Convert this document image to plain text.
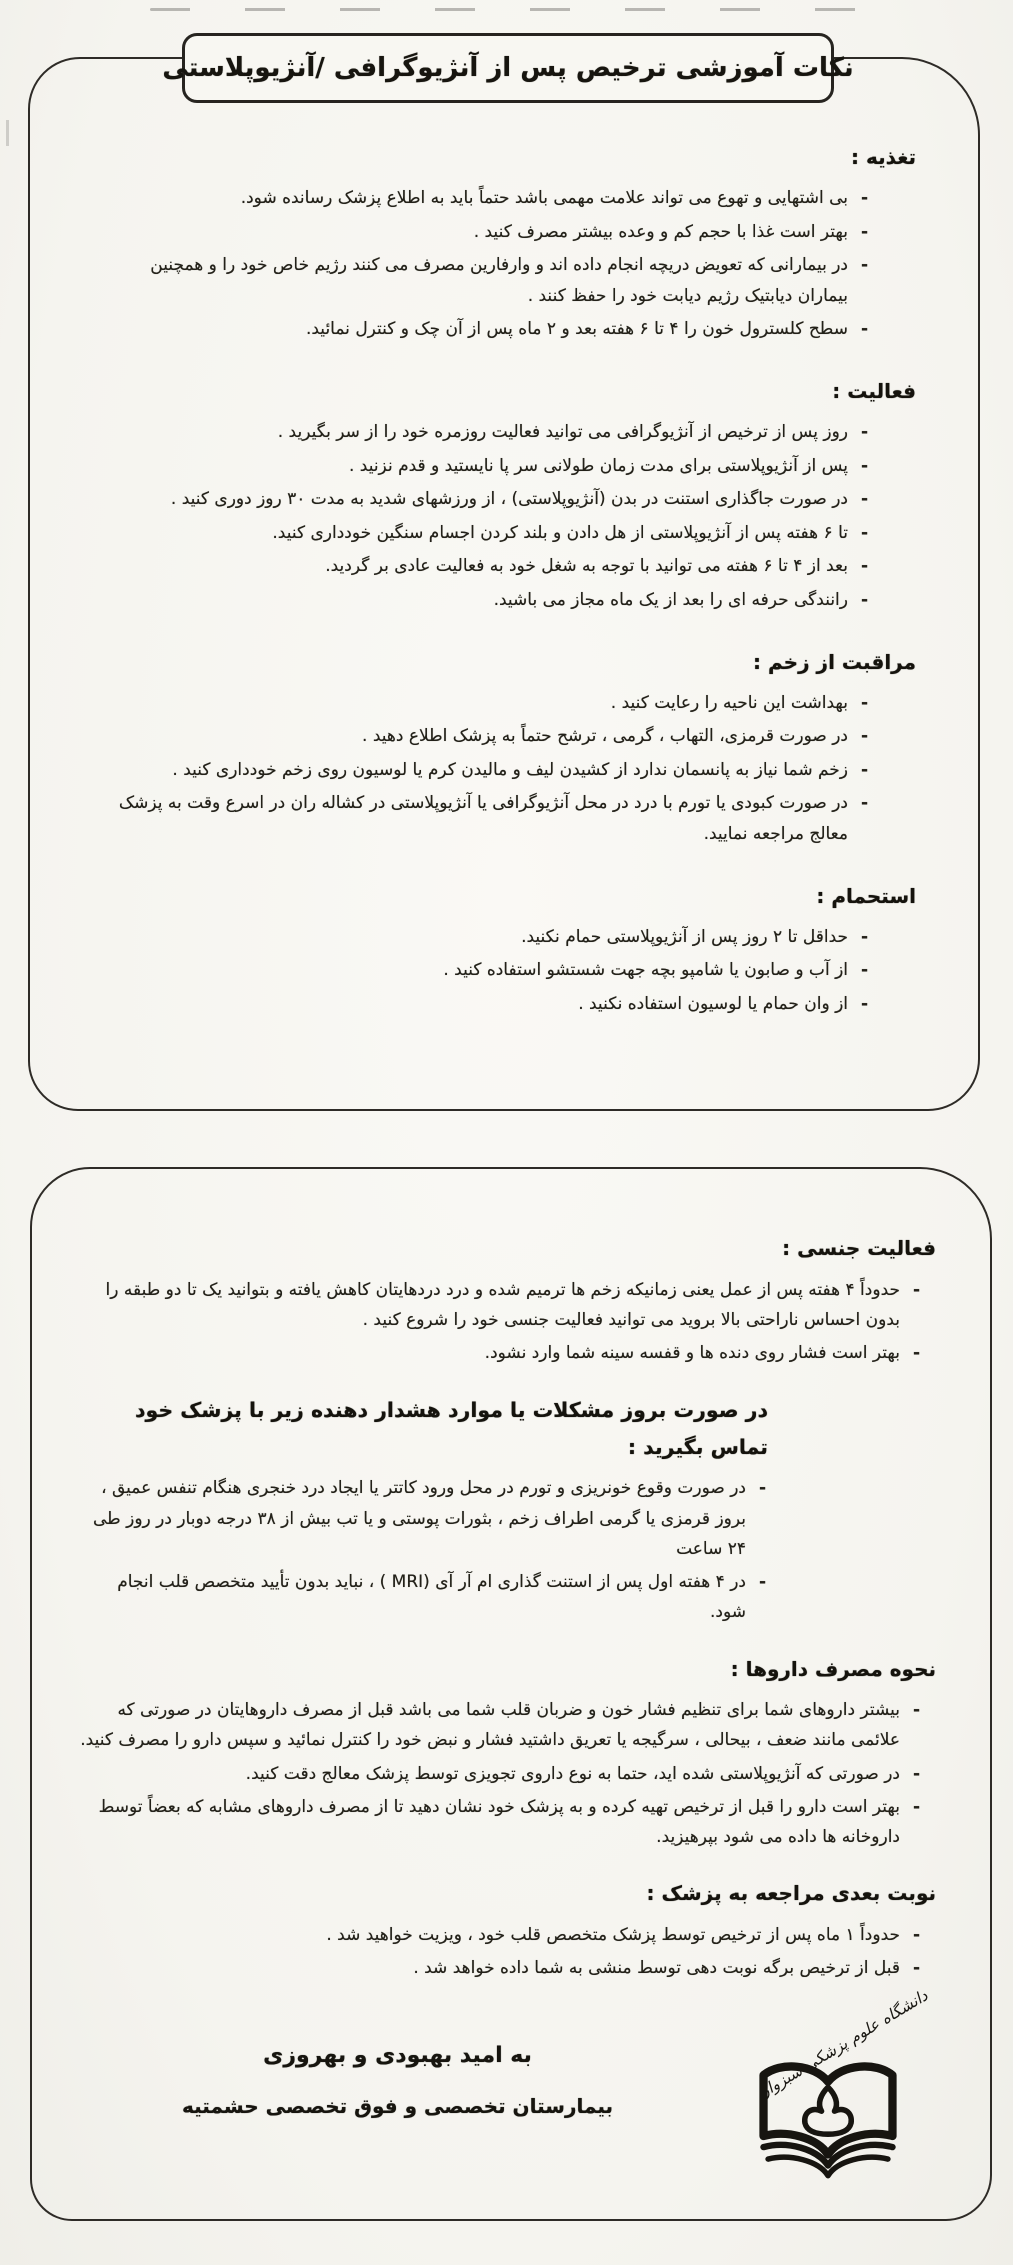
نکات آموزشی ترخیص پس از آنژیوگرافی /آنژیوپلاستی
تغذیه :
- بی اشتهایی و تهوع می تواند علامت مهمی باشد حتماً باید به اطلاع پزشک رسانده شود.
- بهتر است غذا با حجم کم و وعده بیشتر مصرف کنید .
- در بیمارانی که تعویض دریچه انجام داده اند و وارفارین مصرف می کنند رژیم خاص خود را و همچنین بیماران دیابتیک رژیم دیابت خود را حفظ کنند .
- سطح کلسترول خون را ۴ تا ۶ هفته بعد و ۲ ماه پس از آن چک و کنترل نمائید.
فعالیت :
- روز پس از ترخیص از آنژیوگرافی می توانید فعالیت روزمره خود را از سر بگیرید .
- پس از آنژیوپلاستی برای مدت زمان طولانی سر پا نایستید و قدم نزنید .
- در صورت جاگذاری استنت در بدن (آنژیوپلاستی) ، از ورزشهای شدید به مدت ۳۰ روز دوری کنید .
- تا ۶ هفته پس از آنژیوپلاستی از هل دادن و بلند کردن اجسام سنگین خودداری کنید.
- بعد از ۴ تا ۶ هفته می توانید با توجه به شغل خود به فعالیت عادی بر گردید.
- رانندگی حرفه ای را بعد از یک ماه مجاز می باشید.
مراقبت از زخم :
- بهداشت این ناحیه را رعایت کنید .
- در صورت قرمزی، التهاب ، گرمی ، ترشح حتماً به پزشک اطلاع دهید .
- زخم شما نیاز به پانسمان ندارد از کشیدن لیف و مالیدن کرم یا لوسیون روی زخم خودداری کنید .
- در صورت کبودی یا تورم با درد در محل آنژیوگرافی یا آنژیوپلاستی در کشاله ران در اسرع وقت به پزشک معالج مراجعه نمایید.
استحمام :
- حداقل تا ۲ روز پس از آنژیوپلاستی حمام نکنید.
- از آب و صابون یا شامپو بچه جهت شستشو استفاده کنید .
- از وان حمام یا لوسیون استفاده نکنید .
فعالیت جنسی :
- حدوداً ۴ هفته پس از عمل یعنی زمانیکه زخم ها ترمیم شده و درد دردهایتان کاهش یافته و بتوانید یک تا دو طبقه را بدون احساس ناراحتی بالا بروید می توانید فعالیت جنسی خود را شروع کنید .
- بهتر است فشار روی دنده ها و قفسه سینه شما وارد نشود.
در صورت بروز مشکلات یا موارد هشدار دهنده زیر با پزشک خود تماس بگیرید :
- در صورت وقوع خونریزی و تورم در محل ورود کاتتر یا ایجاد درد خنجری هنگام تنفس عمیق ، بروز قرمزی یا گرمی اطراف زخم ، بثورات پوستی و یا تب بیش از ۳۸ درجه دوبار در روز طی ۲۴ ساعت
- در ۴ هفته اول پس از استنت گذاری ام آر آی (MRI ) ، نباید بدون تأیید متخصص قلب انجام شود.
نحوه مصرف داروها :
- بیشتر داروهای شما برای تنظیم فشار خون و ضربان قلب شما می باشد قبل از مصرف داروهایتان در صورتی که علائمی مانند ضعف ، بیحالی ، سرگیجه یا تعریق داشتید فشار و نبض خود را کنترل نمائید و سپس دارو را مصرف کنید.
- در صورتی که آنژیوپلاستی شده اید، حتما به نوع داروی تجویزی توسط پزشک معالج دقت کنید.
- بهتر است دارو را قبل از ترخیص تهیه کرده و به پزشک خود نشان دهید تا از مصرف داروهای مشابه که بعضاً توسط داروخانه ها داده می شود بپرهیزید.
نوبت بعدی مراجعه به پزشک :
- حدوداً ۱ ماه پس از ترخیص توسط پزشک متخصص قلب خود ، ویزیت خواهید شد .
- قبل از ترخیص برگه نوبت دهی توسط منشی به شما داده خواهد شد .
به امید بهبودی و بهروزی
بیمارستان تخصصی و فوق تخصصی حشمتیه
دانشگاه علوم پزشکی سبزوار
